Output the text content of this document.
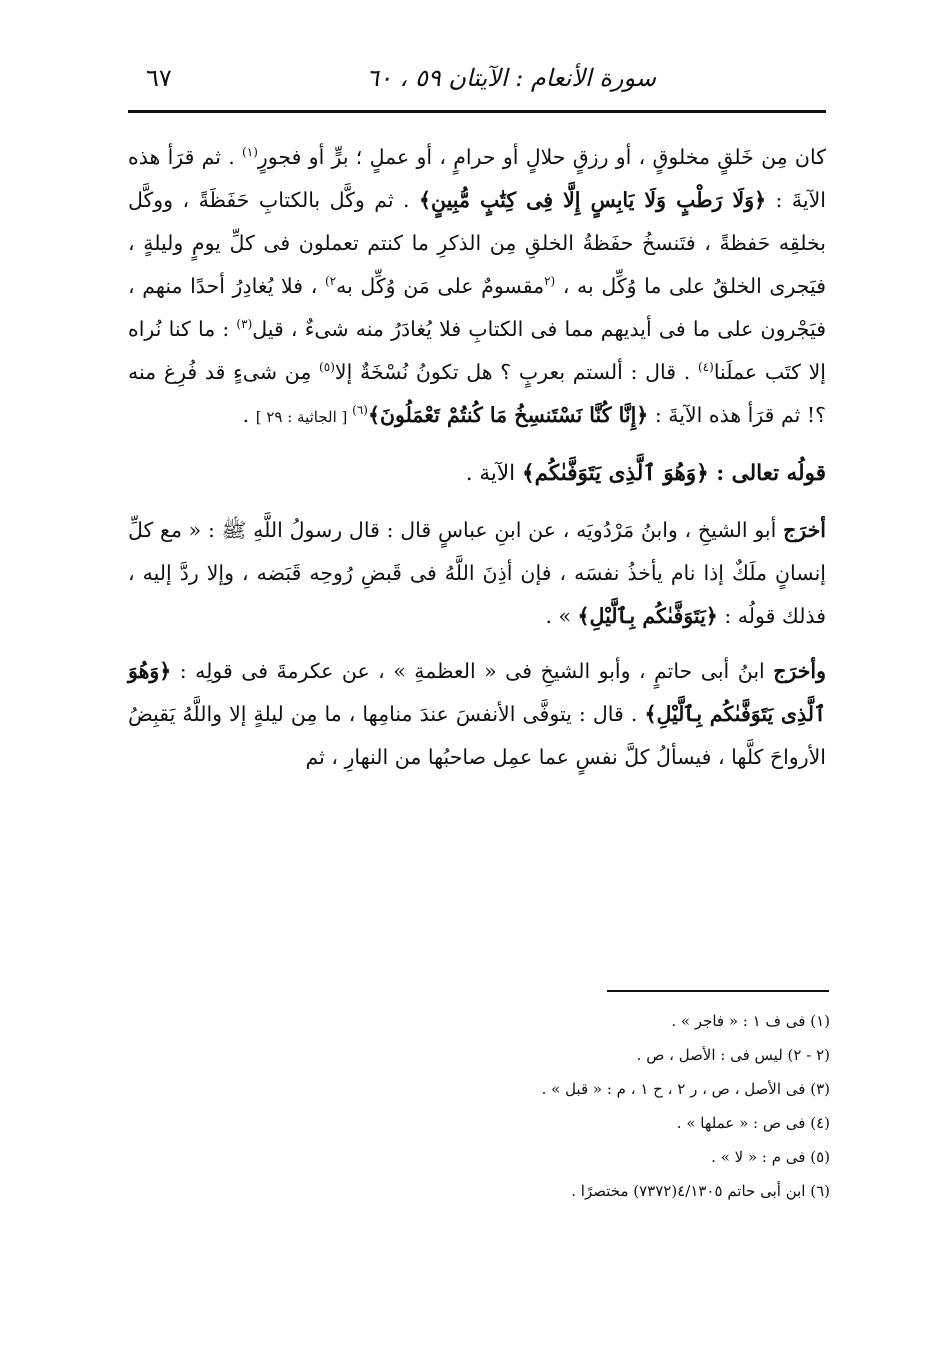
سورة الأنعام : الآيتان ٥٩ ، ٦٠
٦٧

كان مِن خَلقٍ مخلوقٍ ، أو رزقٍ حلالٍ أو حرامٍ ، أو عملٍ ؛ برٍّ أو فجورٍ$^{(١)}$ . ثم قرَأ هذه الآيةَ : ﴿وَلَا رَطْبٍ وَلَا يَابِسٍ إِلَّا فِى كِتَٰبٍ مُّبِينٍ﴾ . ثم وكَّل بالكتابِ حَفَظَةً ، ووكَّل بخلقِه حَفظةً ، فتَنسخُ حفَظةُ الخلقِ مِن الذكرِ ما كنتم تعملون فى كلِّ يومٍ وليلةٍ ، فيَجرى الخلقُ على ما وُكِّل به ، $^{(٢}$مقسومٌ على مَن وُكِّل به$^{٢)}$ ، فلا يُغادِرُ أحدًا منهم ، فيَجْرون على ما فى أيديهم مما فى الكتابِ فلا يُغادَرُ منه شىءٌ ، قيل$^{(٣)}$ : ما كنا نُراه إلا كتَب عملَنا$^{(٤)}$ . قال : ألستم بعربٍ ؟ هل تكونُ نُسْخَةٌ إلا$^{(٥)}$ مِن شىءٍ قد فُرِغ منه ؟! ثم قرَأ هذه الآيةَ : ﴿إِنَّا كُنَّا نَسْتَنسِخُ مَا كُنتُمْ تَعْمَلُونَ﴾$^{(٦)}$ [ الجاثية : ٢٩ ] .

قولُه تعالى : ﴿وَهُوَ ٱلَّذِى يَتَوَفَّىٰكُم﴾ الآية .

أخرَج أبو الشيخِ ، وابنُ مَرْدُويَه ، عن ابنِ عباسٍ قال : قال رسولُ اللَّهِ ﷺ : « مع كلِّ إنسانٍ ملَكٌ إذا نام يأخذُ نفسَه ، فإن أذِنَ اللَّهُ فى قَبضِ رُوحِه قَبَضه ، وإلا ردَّ إليه ، فذلك قولُه : ﴿يَتَوَفَّىٰكُم بِٱلَّيْلِ﴾ » .

وأخرَج ابنُ أبى حاتمٍ ، وأبو الشيخِ فى « العظمةِ » ، عن عكرمةَ فى قولِه : ﴿وَهُوَ ٱلَّذِى يَتَوَفَّىٰكُم بِٱلَّيْلِ﴾ . قال : يتوفَّى الأنفسَ عندَ منامِها ، ما مِن ليلةٍ إلا واللَّهُ يَقبِضُ الأرواحَ كلَّها ، فيسألُ كلَّ نفسٍ عما عمِل صاحبُها من النهارِ ، ثم

(١) فى ف ١ : « فاجر » .

(٢ - ٢) ليس فى : الأصل ، ص .

(٣) فى الأصل ، ص ، ر ٢ ، ح ١ ، م : « قبل » .

(٤) فى ص : « عملها » .

(٥) فى م : « لا » .

(٦) ابن أبى حاتم ٤/١٣٠٥(٧٣٧٢) مختصرًا .
